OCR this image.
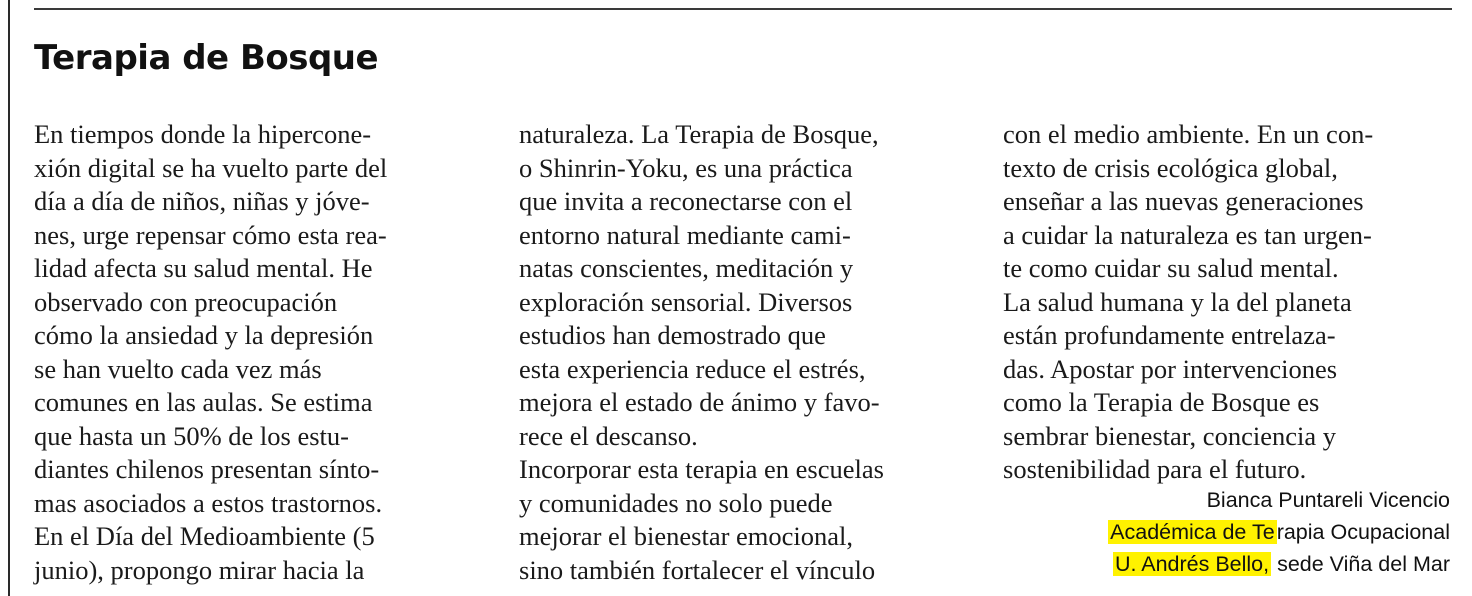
Terapia de Bosque
En tiempos donde la hipercone-
xión digital se ha vuelto parte del
día a día de niños, niñas y jóve-
nes, urge repensar cómo esta rea-
lidad afecta su salud mental. He
observado con preocupación
cómo la ansiedad y la depresión
se han vuelto cada vez más
comunes en las aulas. Se estima
que hasta un 50% de los estu-
diantes chilenos presentan sínto-
mas asociados a estos trastornos.
En el Día del Medioambiente (5
junio), propongo mirar hacia la
naturaleza. La Terapia de Bosque,
o Shinrin-Yoku, es una práctica
que invita a reconectarse con el
entorno natural mediante cami-
natas conscientes, meditación y
exploración sensorial. Diversos
estudios han demostrado que
esta experiencia reduce el estrés,
mejora el estado de ánimo y favo-
rece el descanso.
Incorporar esta terapia en escuelas
y comunidades no solo puede
mejorar el bienestar emocional,
sino también fortalecer el vínculo
con el medio ambiente. En un con-
texto de crisis ecológica global,
enseñar a las nuevas generaciones
a cuidar la naturaleza es tan urgen-
te como cuidar su salud mental.
La salud humana y la del planeta
están profundamente entrelaza-
das. Apostar por intervenciones
como la Terapia de Bosque es
sembrar bienestar, conciencia y
sostenibilidad para el futuro.
Bianca Puntareli Vicencio
Académica de Terapia Ocupacional
U. Andrés Bello, sede Viña del Mar
